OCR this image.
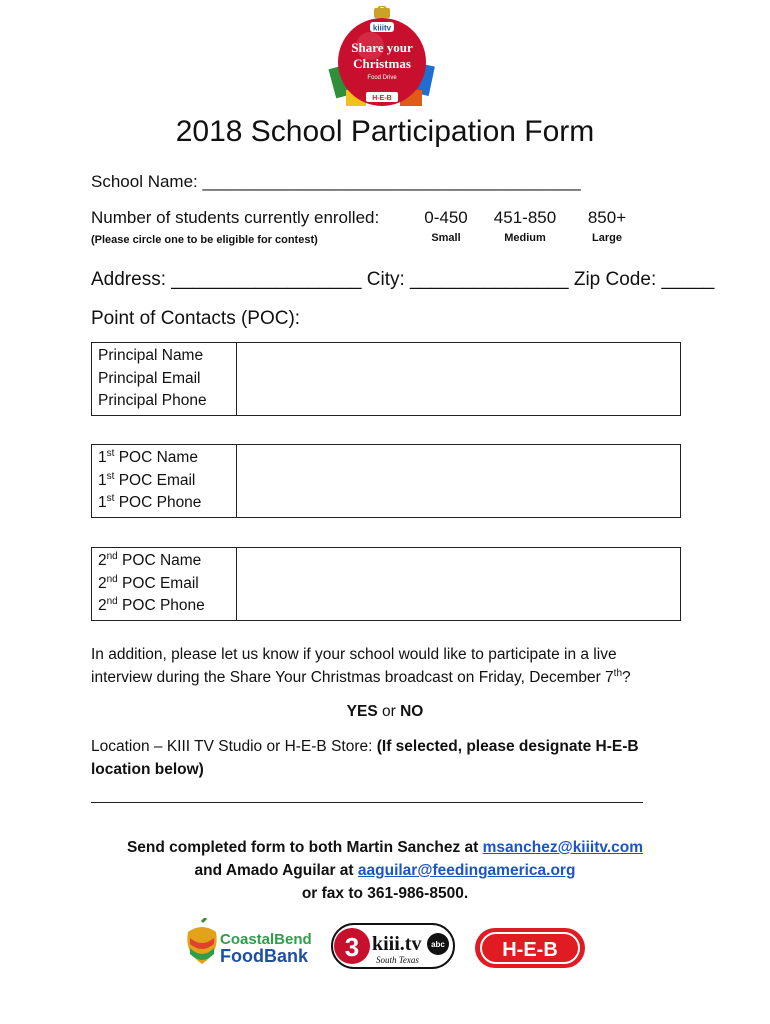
kiiitv
Share your
Christmas
Food Drive
H-E-B
2018 School Participation Form
School Name: ________________________________________
Number of students currently enrolled:
(Please circle one to be eligible for contest)
0-450
Small
451-850
Medium
850+
Large
Address: __________________ City: _______________ Zip Code: _____
Point of Contacts (POC):
Principal Name
Principal Email
Principal Phone

1st POC Name
1st POC Email
1st POC Phone

2nd POC Name
2nd POC Email
2nd POC Phone

In addition, please let us know if your school would like to participate in a live
interview during the Share Your Christmas broadcast on Friday, December 7th?
YES or NO
Location – KIII TV Studio or H-E-B Store: (If selected, please designate H-E-B
location below)
Send completed form to both Martin Sanchez at msanchez@kiiitv.com
and Amado Aguilar at aaguilar@feedingamerica.org
or fax to 361-986-8500.
CoastalBend
FoodBank 3 kiii.tv
South Texas
abc	H-E-B
